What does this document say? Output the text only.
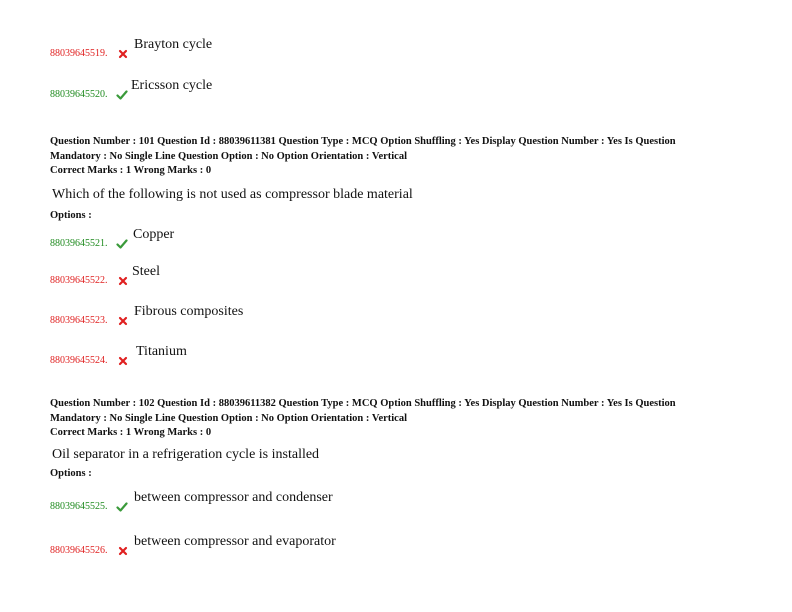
88039645519.
Brayton cycle
88039645520.
Ericsson cycle
Question Number : 101 Question Id : 88039611381 Question Type : MCQ Option Shuffling : Yes Display Question Number : Yes Is Question
Mandatory : No Single Line Question Option : No Option Orientation : Vertical
Correct Marks : 1 Wrong Marks : 0
Which of the following is not used as compressor blade material
Options :
88039645521.
Copper
88039645522.
Steel
88039645523.
Fibrous composites
88039645524.
Titanium
Question Number : 102 Question Id : 88039611382 Question Type : MCQ Option Shuffling : Yes Display Question Number : Yes Is Question
Mandatory : No Single Line Question Option : No Option Orientation : Vertical
Correct Marks : 1 Wrong Marks : 0
Oil separator in a refrigeration cycle is installed
Options :
88039645525.
between compressor and condenser
88039645526.
between compressor and evaporator
